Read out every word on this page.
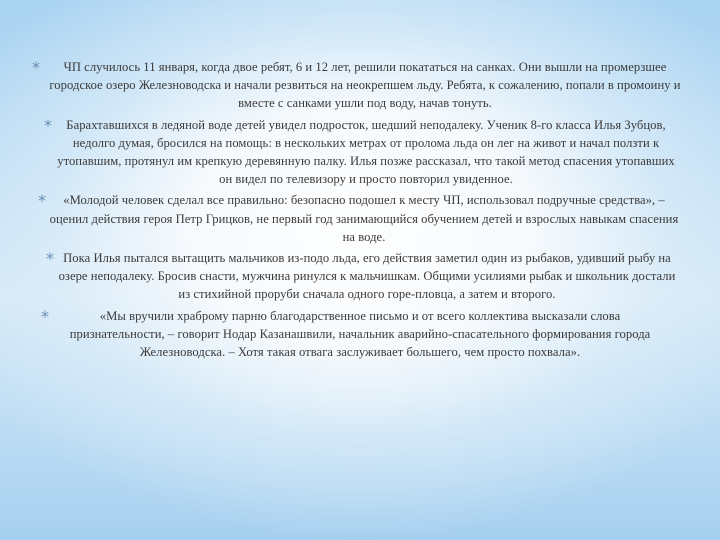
*	ЧП случилось 11 января, когда двое ребят, 6 и 12 лет, решили покататься на санках. Они вышли на промерзшее городское озеро Железноводска и начали резвиться на неокрепшем льду. Ребята, к сожалению, попали в промоину и вместе с санками ушли под воду, начав тонуть.
*	Барахтавшихся в ледяной воде детей увидел подросток, шедший неподалеку. Ученик 8-го класса Илья Зубцов, недолго думая, бросился на помощь: в нескольких метрах от пролома льда он лег на живот и начал ползти к утопавшим, протянул им крепкую деревянную палку. Илья позже рассказал, что такой метод спасения утопавших он видел по телевизору и просто повторил увиденное.
*	«Молодой человек сделал все правильно: безопасно подошел к месту ЧП, использовал подручные средства», – оценил действия героя Петр Грицков, не первый год занимающийся обучением детей и взрослых навыкам спасения на воде.
* Пока Илья пытался вытащить мальчиков из-подо льда, его действия заметил один из рыбаков, удивший рыбу на озере неподалеку. Бросив снасти, мужчина ринулся к мальчишкам. Общими усилиями рыбак и школьник достали из стихийной проруби сначала одного горе-пловца, а затем и второго.
*	«Мы вручили храброму парню благодарственное письмо и от всего коллектива высказали слова признательности, – говорит Нодар Казанашвили, начальник аварийно-спасательного формирования города Железноводска. – Хотя такая отвага заслуживает большего, чем просто похвала».
